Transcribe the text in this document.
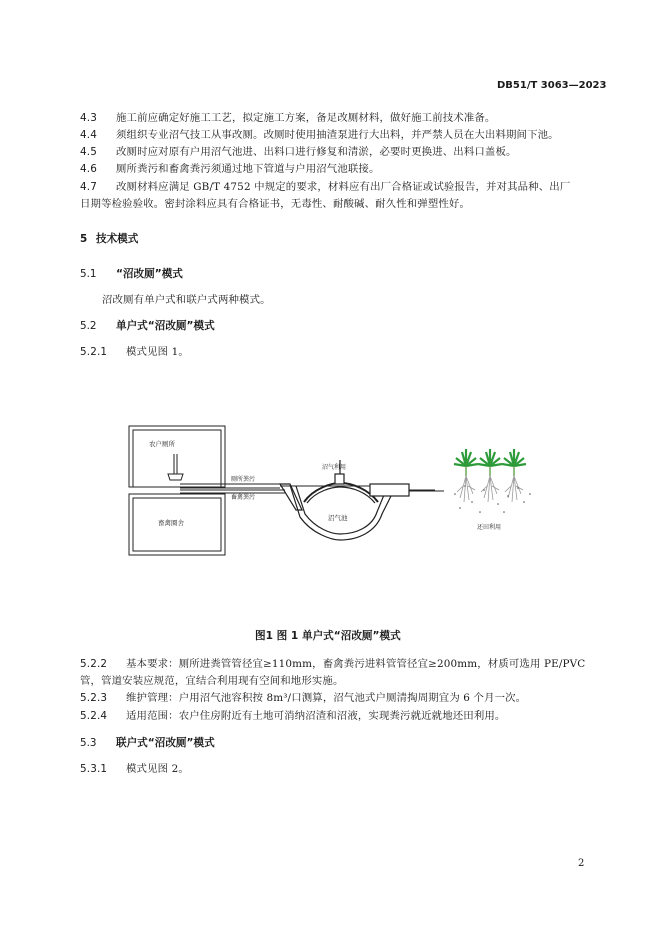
DB51/T 3063—2023
4.3 施工前应确定好施工工艺，拟定施工方案，备足改厕材料，做好施工前技术准备。
4.4 须组织专业沼气技工从事改厕。改厕时使用抽渣泵进行大出料，并严禁人员在大出料期间下池。
4.5 改厕时应对原有户用沼气池进、出料口进行修复和清淤，必要时更换进、出料口盖板。
4.6 厕所粪污和畜禽粪污须通过地下管道与户用沼气池联接。
4.7 改厕材料应满足 GB/T 4752 中规定的要求，材料应有出厂合格证或试验报告，并对其品种、出厂
日期等检验验收。密封涂料应具有合格证书，无毒性、耐酸碱、耐久性和弹塑性好。
5 技术模式
5.1 “沼改厕”模式
沼改厕有单户式和联户式两种模式。
5.2 单户式“沼改厕”模式
5.2.1 模式见图 1。
农户厕所
畜禽圈舍
厕所粪污
畜禽粪污
沼气利用
沼气池
还田利用
图1 图 1 单户式“沼改厕”模式
5.2.2 基本要求：厕所进粪管管径宜≥110mm，畜禽粪污进料管管径宜≥200mm，材质可选用 PE/PVC
管，管道安装应规范，宜结合利用现有空间和地形实施。
5.2.3 维护管理：户用沼气池容积按 8m³/口测算，沼气池式户厕清掏周期宜为 6 个月一次。
5.2.4 适用范围：农户住房附近有土地可消纳沼渣和沼液，实现粪污就近就地还田利用。
5.3 联户式“沼改厕”模式
5.3.1 模式见图 2。
2
